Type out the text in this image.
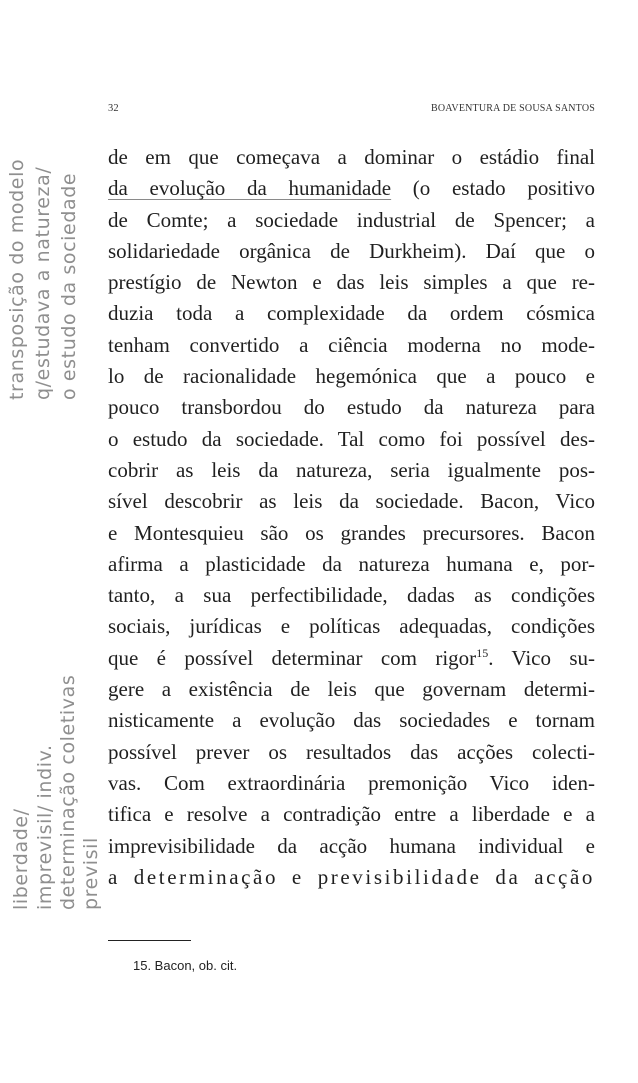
32	BOAVENTURA DE SOUSA SANTOS
de em que começava a dominar o estádio final
da evolução da humanidade (o estado positivo
de Comte; a sociedade industrial de Spencer; a
solidariedade orgânica de Durkheim). Daí que o
prestígio de Newton e das leis simples a que re-
duzia toda a complexidade da ordem cósmica
tenham convertido a ciência moderna no mode-
lo de racionalidade hegemónica que a pouco e
pouco transbordou do estudo da natureza para
o estudo da sociedade. Tal como foi possível des-
cobrir as leis da natureza, seria igualmente pos-
sível descobrir as leis da sociedade. Bacon, Vico
e Montesquieu são os grandes precursores. Bacon
afirma a plasticidade da natureza humana e, por-
tanto, a sua perfectibilidade, dadas as condições
sociais, jurídicas e políticas adequadas, condições
que é possível determinar com rigor$^{15}$. Vico su-
gere a existência de leis que governam determi-
nisticamente a evolução das sociedades e tornam
possível prever os resultados das acções colecti-
vas. Com extraordinária premonição Vico iden-
tifica e resolve a contradição entre a liberdade e a
imprevisibilidade da acção humana individual e
a determinação e previsibilidade da acção
15. Bacon, ob. cit.
transposição do modelo q/estudava a natureza/ o estudo da sociedade
liberdade/ imprevisil/ indiv. determinação coletivas previsil
